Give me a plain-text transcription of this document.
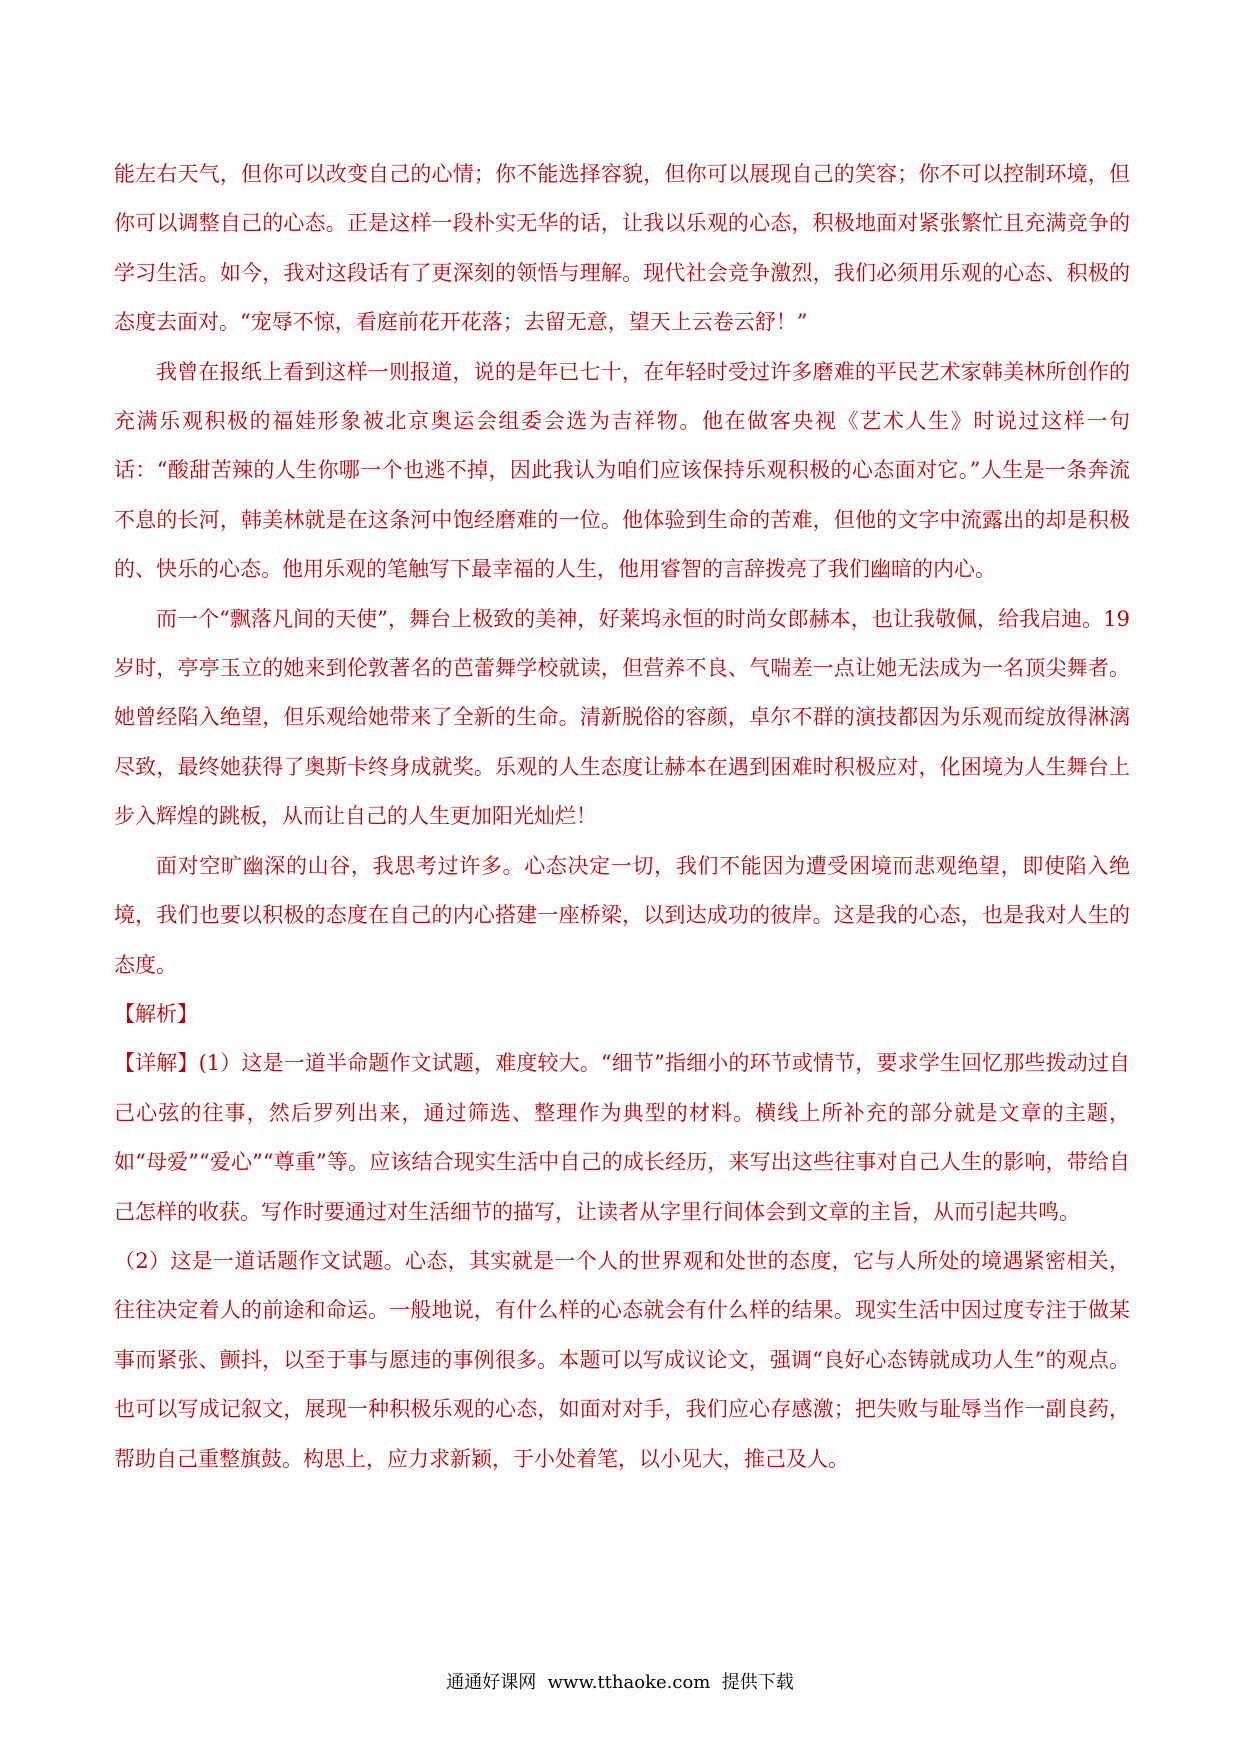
能左右天气，但你可以改变自己的心情；你不能选择容貌，但你可以展现自己的笑容；你不可以控制环境，但你可以调整自己的心态。正是这样一段朴实无华的话，让我以乐观的心态，积极地面对紧张繁忙且充满竞争的学习生活。如今，我对这段话有了更深刻的领悟与理解。现代社会竞争激烈，我们必须用乐观的心态、积极的态度去面对。“宠辱不惊，看庭前花开花落；去留无意，望天上云卷云舒！”

我曾在报纸上看到这样一则报道，说的是年已七十，在年轻时受过许多磨难的平民艺术家韩美林所创作的充满乐观积极的福娃形象被北京奥运会组委会选为吉祥物。他在做客央视《艺术人生》时说过这样一句话：“酸甜苦辣的人生你哪一个也逃不掉，因此我认为咱们应该保持乐观积极的心态面对它。”人生是一条奔流不息的长河，韩美林就是在这条河中饱经磨难的一位。他体验到生命的苦难，但他的文字中流露出的却是积极的、快乐的心态。他用乐观的笔触写下最幸福的人生，他用睿智的言辞拨亮了我们幽暗的内心。

而一个“飘落凡间的天使”，舞台上极致的美神，好莱坞永恒的时尚女郎赫本，也让我敬佩，给我启迪。19 岁时，亭亭玉立的她来到伦敦著名的芭蕾舞学校就读，但营养不良、气喘差一点让她无法成为一名顶尖舞者。她曾经陷入绝望，但乐观给她带来了全新的生命。清新脱俗的容颜，卓尔不群的演技都因为乐观而绽放得淋漓尽致，最终她获得了奥斯卡终身成就奖。乐观的人生态度让赫本在遇到困难时积极应对，化困境为人生舞台上步入辉煌的跳板，从而让自己的人生更加阳光灿烂！

面对空旷幽深的山谷，我思考过许多。心态决定一切，我们不能因为遭受困境而悲观绝望，即使陷入绝境，我们也要以积极的态度在自己的内心搭建一座桥梁，以到达成功的彼岸。这是我的心态，也是我对人生的态度。

【解析】

【详解】(1）这是一道半命题作文试题，难度较大。“细节”指细小的环节或情节，要求学生回忆那些拨动过自己心弦的往事，然后罗列出来，通过筛选、整理作为典型的材料。横线上所补充的部分就是文章的主题，如“母爱”“爱心”“尊重”等。应该结合现实生活中自己的成长经历，来写出这些往事对自己人生的影响，带给自己怎样的收获。写作时要通过对生活细节的描写，让读者从字里行间体会到文章的主旨，从而引起共鸣。

（2）这是一道话题作文试题。心态，其实就是一个人的世界观和处世的态度，它与人所处的境遇紧密相关，往往决定着人的前途和命运。一般地说，有什么样的心态就会有什么样的结果。现实生活中因过度专注于做某事而紧张、颤抖，以至于事与愿违的事例很多。本题可以写成议论文，强调“良好心态铸就成功人生”的观点。也可以写成记叙文，展现一种积极乐观的心态，如面对对手，我们应心存感激；把失败与耻辱当作一副良药，帮助自己重整旗鼓。构思上，应力求新颖，于小处着笔，以小见大，推己及人。

通通好课网  www.tthaoke.com  提供下载
